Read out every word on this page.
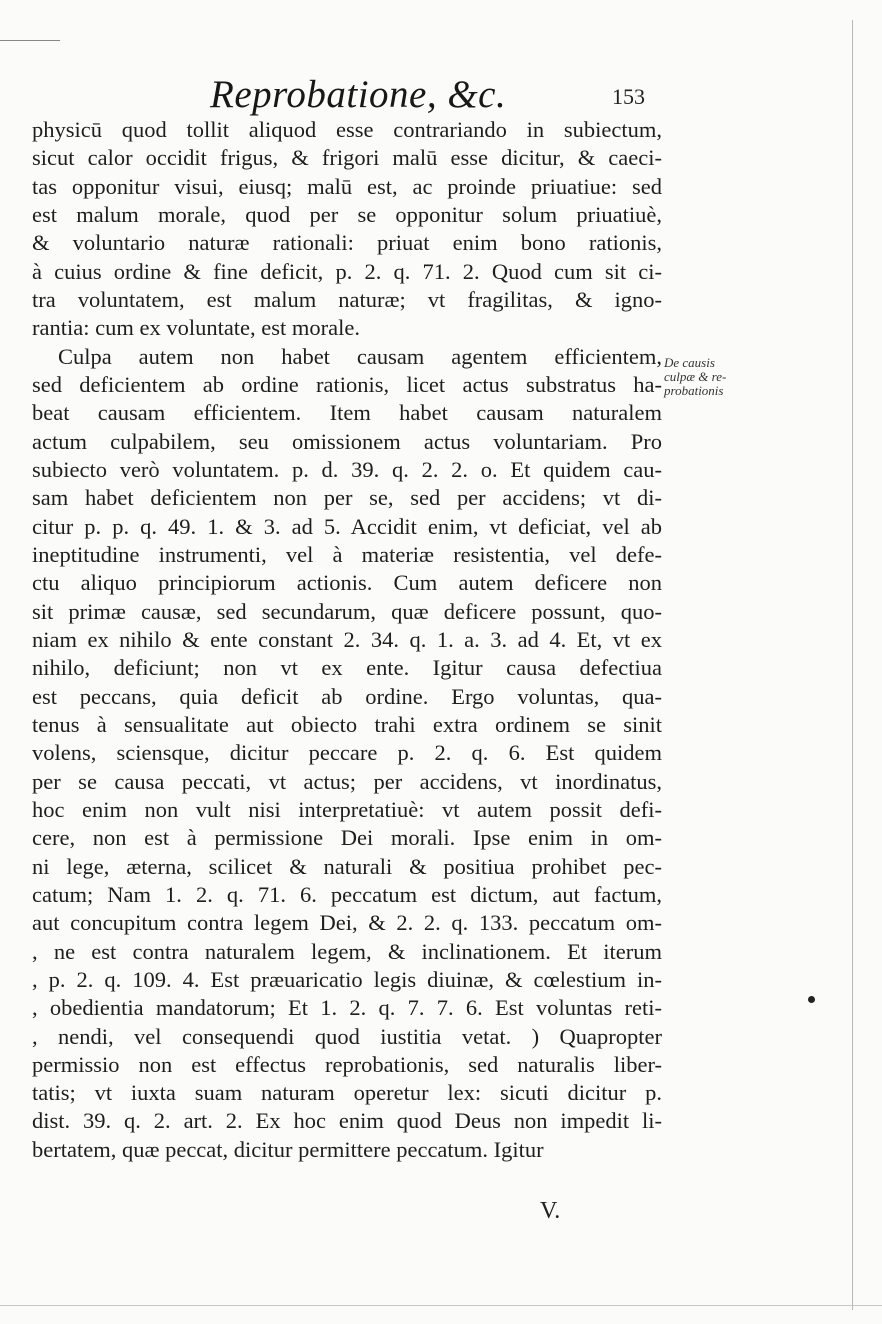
Reprobatione, &c.	153
physicū quod tollit aliquod esse contrariando in subiectum,
sicut calor occidit frigus, & frigori malū esse dicitur, & caeci-
tas opponitur visui, eiusq; malū est, ac proinde priuatiue: sed
est malum morale, quod per se opponitur solum priuatiuè,
& voluntario naturæ rationali: priuat enim bono rationis,
à cuius ordine & fine deficit, p. 2. q. 71. 2. Quod cum sit ci-
tra voluntatem, est malum naturæ; vt fragilitas, & igno-
rantia: cum ex voluntate, est morale.
Culpa autem non habet causam agentem efficientem,
sed deficientem ab ordine rationis, licet actus substratus ha-
beat causam efficientem. Item habet causam naturalem
actum culpabilem, seu omissionem actus voluntariam. Pro
subiecto verò voluntatem. p. d. 39. q. 2. 2. o. Et quidem cau-
sam habet deficientem non per se, sed per accidens; vt di-
citur p. p. q. 49. 1. & 3. ad 5. Accidit enim, vt deficiat, vel ab
ineptitudine instrumenti, vel à materiæ resistentia, vel defe-
ctu aliquo principiorum actionis. Cum autem deficere non
sit primæ causæ, sed secundarum, quæ deficere possunt, quo-
niam ex nihilo & ente constant 2. 34. q. 1. a. 3. ad 4. Et, vt ex
nihilo, deficiunt; non vt ex ente. Igitur causa defectiua
est peccans, quia deficit ab ordine. Ergo voluntas, qua-
tenus à sensualitate aut obiecto trahi extra ordinem se sinit
volens, sciensque, dicitur peccare p. 2. q. 6. Est quidem
per se causa peccati, vt actus; per accidens, vt inordinatus,
hoc enim non vult nisi interpretatiuè: vt autem possit defi-
cere, non est à permissione Dei morali. Ipse enim in om-
ni lege, æterna, scilicet & naturali & positiua prohibet pec-
catum; Nam 1. 2. q. 71. 6. peccatum est dictum, aut factum,
aut concupitum contra legem Dei, & 2. 2. q. 133. peccatum om-
, ne est contra naturalem legem, & inclinationem. Et iterum
, p. 2. q. 109. 4. Est præuaricatio legis diuinæ, & cœlestium in-
, obedientia mandatorum; Et 1. 2. q. 7. 7. 6. Est voluntas reti-
, nendi, vel consequendi quod iustitia vetat. ) Quapropter
permissio non est effectus reprobationis, sed naturalis liber-
tatis; vt iuxta suam naturam operetur lex: sicuti dicitur p.
dist. 39. q. 2. art. 2. Ex hoc enim quod Deus non impedit li-
bertatem, quæ peccat, dicitur permittere peccatum. Igitur
De causis
culpæ & re-
probationis
V.
